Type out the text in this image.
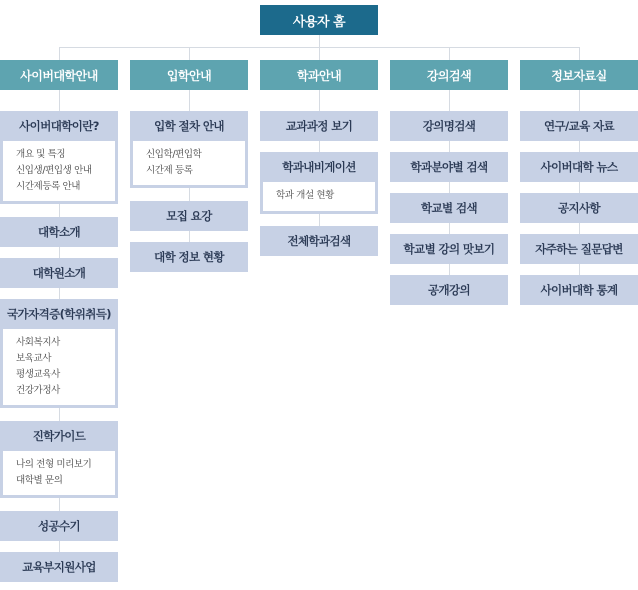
사용자 홈
사이버대학안내	입학안내	학과안내	강의검색	정보자료실
사이버대학이란?
개요 및 특징
신입생/편입생 안내
시간제등록 안내
대학소개
대학원소개
국가자격증(학위취득)
사회복지사
보육교사
평생교육사
건강가정사
진학가이드
나의 전형 미리보기
대학별 문의
성공수기
교육부지원사업
입학 절차 안내
신입학/편입학
시간제 등록
모집 요강
대학 정보 현황
교과과정 보기
학과내비게이션
학과 개설 현황
전체학과검색
강의명검색
학과분야별 검색
학교별 검색
학교별 강의 맛보기
공개강의
연구/교육 자료
사이버대학 뉴스
공지사항
자주하는 질문답변
사이버대학 통계
